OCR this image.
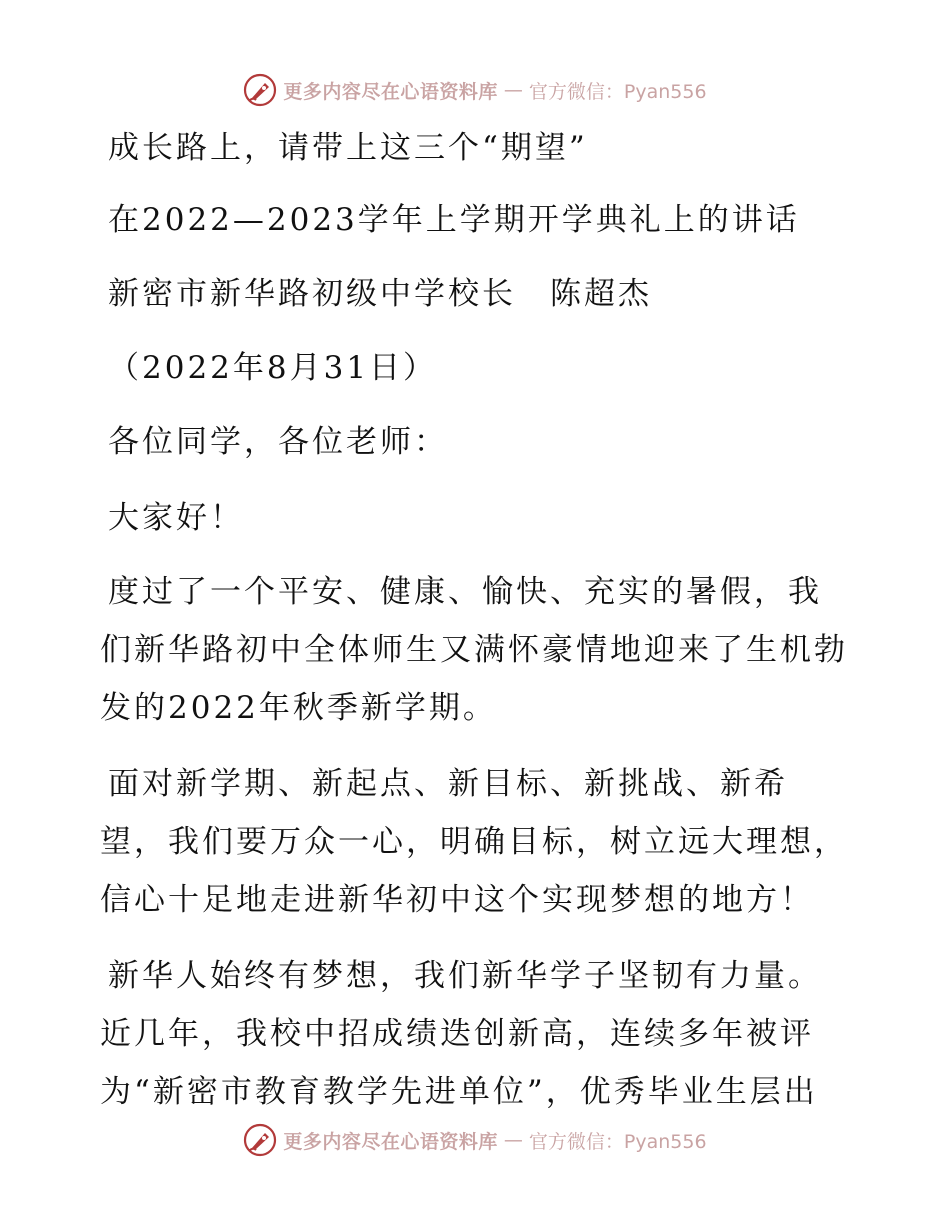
更多内容尽在心语资料库 — 官方微信：Pyan556
成长路上，请带上这三个“期望”
在2022—2023学年上学期开学典礼上的讲话
新密市新华路初级中学校长　陈超杰
（2022年8月31日）
各位同学，各位老师：
大家好！
度过了一个平安、健康、愉快、充实的暑假，我
们新华路初中全体师生又满怀豪情地迎来了生机勃
发的2022年秋季新学期。
面对新学期、新起点、新目标、新挑战、新希
望，我们要万众一心，明确目标，树立远大理想，
信心十足地走进新华初中这个实现梦想的地方！
新华人始终有梦想，我们新华学子坚韧有力量。
近几年，我校中招成绩迭创新高，连续多年被评
为“新密市教育教学先进单位”，优秀毕业生层出
更多内容尽在心语资料库 — 官方微信：Pyan556
